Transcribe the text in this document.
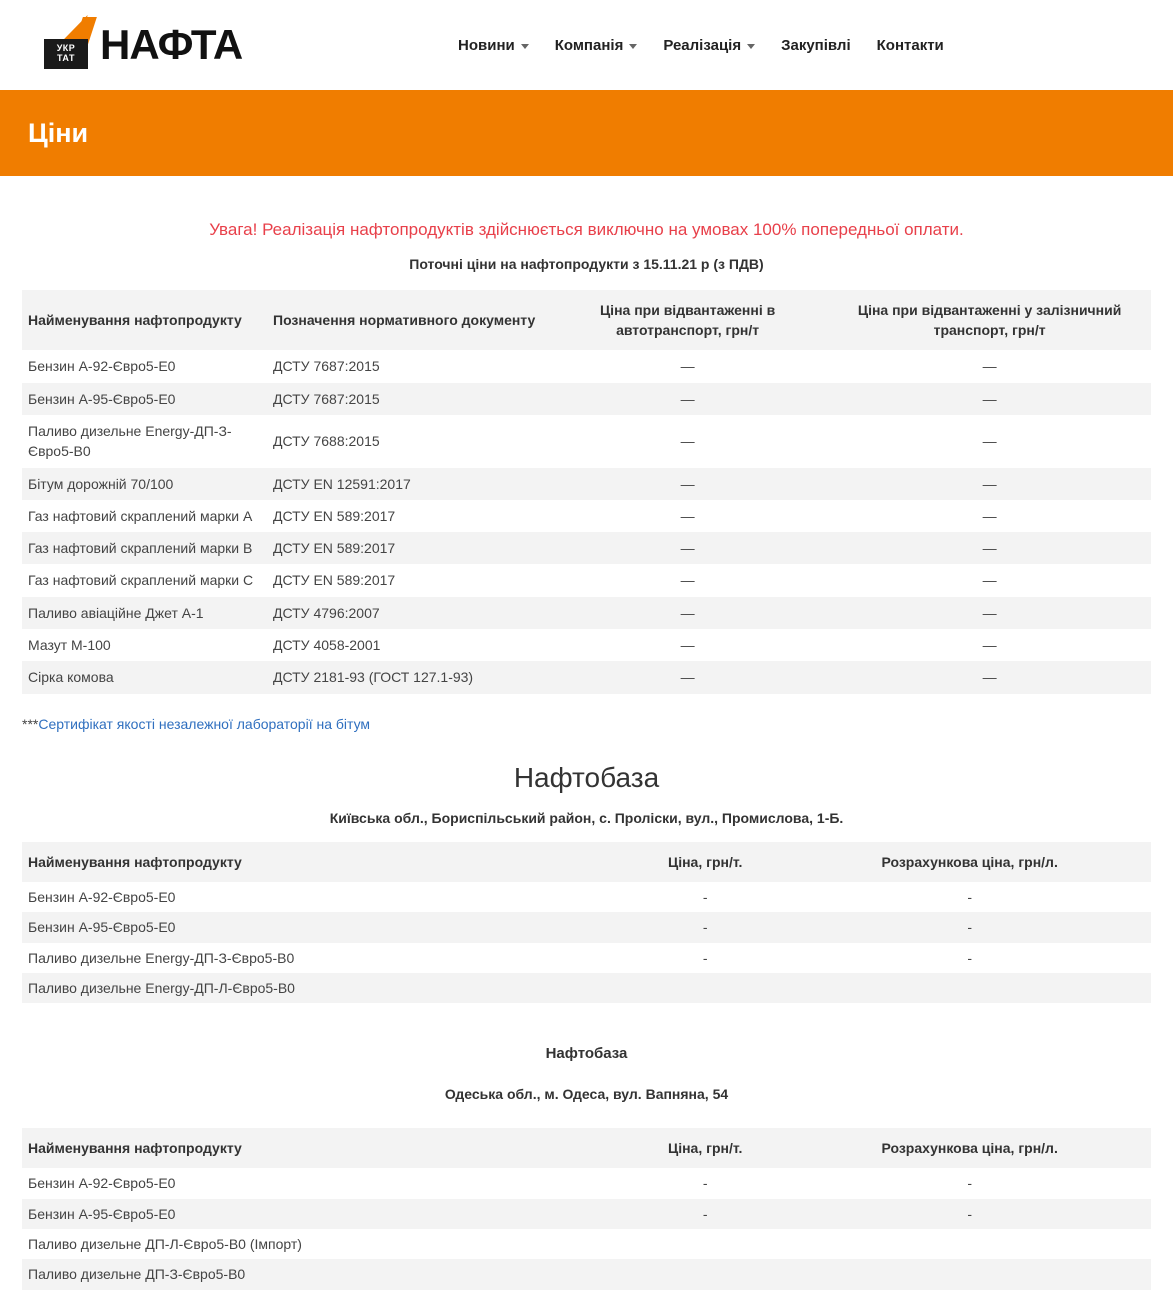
УКР
ТАТ НАФТА	Новини	Компанія	Реалізація	Закупівлі Контакти
Ціни

Увага! Реалізація нафтопродуктів здійснюється виключно на умовах 100% попередньої оплати.

Поточні ціни на нафтопродукти з 15.11.21 р (з ПДВ)

Найменування нафтопродукту	Позначення нормативного документу	Ціна при відвантаженні в автотранспорт, грн/т	Ціна при відвантаженні у залізничний транспорт, грн/т
Бензин А-92-Євро5-Е0	ДСТУ 7687:2015	—	—
Бензин А-95-Євро5-Е0	ДСТУ 7687:2015	—	—
Паливо дизельне Energy-ДП-З-Євро5-В0	ДСТУ 7688:2015	—	—
Бітум дорожній 70/100	ДСТУ EN 12591:2017	—	—
Газ нафтовий скраплений марки А	ДСТУ EN 589:2017	—	—
Газ нафтовий скраплений марки В	ДСТУ EN 589:2017	—	—
Газ нафтовий скраплений марки С	ДСТУ EN 589:2017	—	—
Паливо авіаційне Джет А-1	ДСТУ 4796:2007	—	—
Мазут М-100	ДСТУ 4058-2001	—	—
Сірка комова	ДСТУ 2181-93 (ГОСТ 127.1-93)	—	—

***Сертифікат якості незалежної лабораторії на бітум

Нафтобаза

Київська обл., Бориспільський район, с. Проліски, вул., Промислова, 1-Б.

Найменування нафтопродукту	Ціна, грн/т.	Розрахункова ціна, грн/л.
Бензин А-92-Євро5-Е0	-	-
Бензин А-95-Євро5-Е0	-	-
Паливо дизельне Energy-ДП-З-Євро5-В0	-	-
Паливо дизельне Energy-ДП-Л-Євро5-В0		
Нафтобаза

Одеська обл., м. Одеса, вул. Вапняна, 54

Найменування нафтопродукту	Ціна, грн/т.	Розрахункова ціна, грн/л.
Бензин А-92-Євро5-Е0	-	-
Бензин А-95-Євро5-Е0	-	-
Паливо дизельне ДП-Л-Євро5-В0 (Імпорт)		
Паливо дизельне ДП-З-Євро5-В0		
